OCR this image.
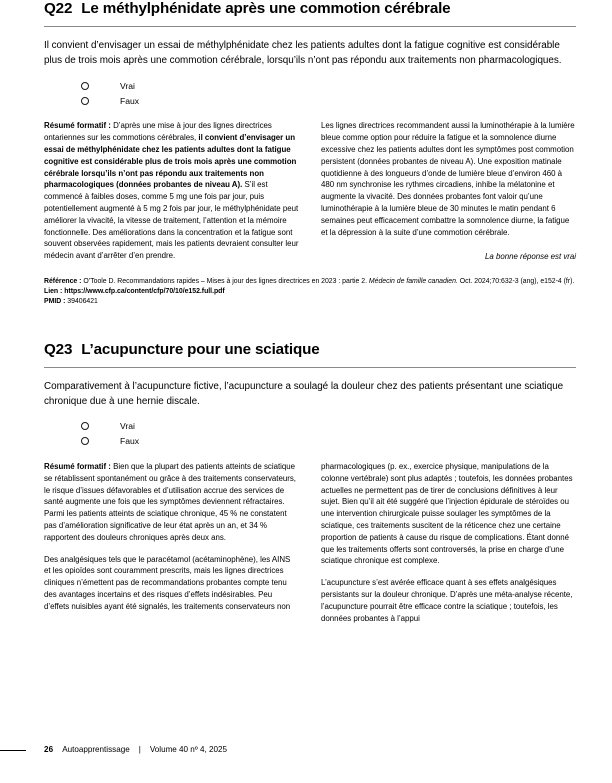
Q22 Le méthylphénidate après une commotion cérébrale

Il convient d’envisager un essai de méthylphénidate chez les patients adultes dont la fatigue cognitive est considérable plus de trois mois après une commotion cérébrale, lorsqu’ils n’ont pas répondu aux traitements non pharmacologiques.

Vrai
Faux

Résumé formatif : D’après une mise à jour des lignes directrices ontariennes sur les commotions cérébrales, il convient d’envisager un essai de méthylphénidate chez les patients adultes dont la fatigue cognitive est considérable plus de trois mois après une commotion cérébrale lorsqu’ils n’ont pas répondu aux traitements non pharmacologiques (données probantes de niveau A). S’il est commencé à faibles doses, comme 5 mg une fois par jour, puis potentiellement augmenté à 5 mg 2 fois par jour, le méthylphénidate peut améliorer la vivacité, la vitesse de traitement, l’attention et la mémoire fonctionnelle. Des améliorations dans la concentration et la fatigue sont souvent observées rapidement, mais les patients devraient consulter leur médecin avant d’arrêter d’en prendre.

Les lignes directrices recommandent aussi la luminothérapie à la lumière bleue comme option pour réduire la fatigue et la somnolence diurne excessive chez les patients adultes dont les symptômes post commotion persistent (données probantes de niveau A). Une exposition matinale quotidienne à des longueurs d’onde de lumière bleue d’environ 460 à 480 nm synchronise les rythmes circadiens, inhibe la mélatonine et augmente la vivacité. Des données probantes font valoir qu’une luminothérapie à la lumière bleue de 30 minutes le matin pendant 6 semaines peut efficacement combattre la somnolence diurne, la fatigue et la dépression à la suite d’une commotion cérébrale.

La bonne réponse est vrai
Référence : O’Toole D. Recommandations rapides – Mises à jour des lignes directrices en 2023 : partie 2. Médecin de famille canadien. Oct. 2024;70:632-3 (ang), e152-4 (fr).
Lien : https://www.cfp.ca/content/cfp/70/10/e152.full.pdf
PMID : 39406421
Q23 L’acupuncture pour une sciatique

Comparativement à l’acupuncture fictive, l’acupuncture a soulagé la douleur chez des patients présentant une sciatique chronique due à une hernie discale.

Vrai
Faux

Résumé formatif : Bien que la plupart des patients atteints de sciatique se rétablissent spontanément ou grâce à des traitements conservateurs, le risque d’issues défavorables et d’utilisation accrue des services de santé augmente une fois que les symptômes deviennent réfractaires. Parmi les patients atteints de sciatique chronique, 45 % ne constatent pas d’amélioration significative de leur état après un an, et 34 % rapportent des douleurs chroniques après deux ans.

Des analgésiques tels que le paracétamol (acétaminophène), les AINS et les opioïdes sont couramment prescrits, mais les lignes directrices cliniques n’émettent pas de recommandations probantes compte tenu des avantages incertains et des risques d’effets indésirables. Peu d’effets nuisibles ayant été signalés, les traitements conservateurs non

pharmacologiques (p. ex., exercice physique, manipulations de la colonne vertébrale) sont plus adaptés ; toutefois, les données probantes actuelles ne permettent pas de tirer de conclusions définitives à leur sujet. Bien qu’il ait été suggéré que l’injection épidurale de stéroïdes ou une intervention chirurgicale puisse soulager les symptômes de la sciatique, ces traitements suscitent de la réticence chez une certaine proportion de patients à cause du risque de complications. Étant donné que les traitements offerts sont controversés, la prise en charge d’une sciatique chronique est complexe.

L’acupuncture s’est avérée efficace quant à ses effets analgésiques persistants sur la douleur chronique. D’après une méta-analyse récente, l’acupuncture pourrait être efficace contre la sciatique ; toutefois, les données probantes à l’appui

26 Autoapprentissage | Volume 40 nº 4, 2025
